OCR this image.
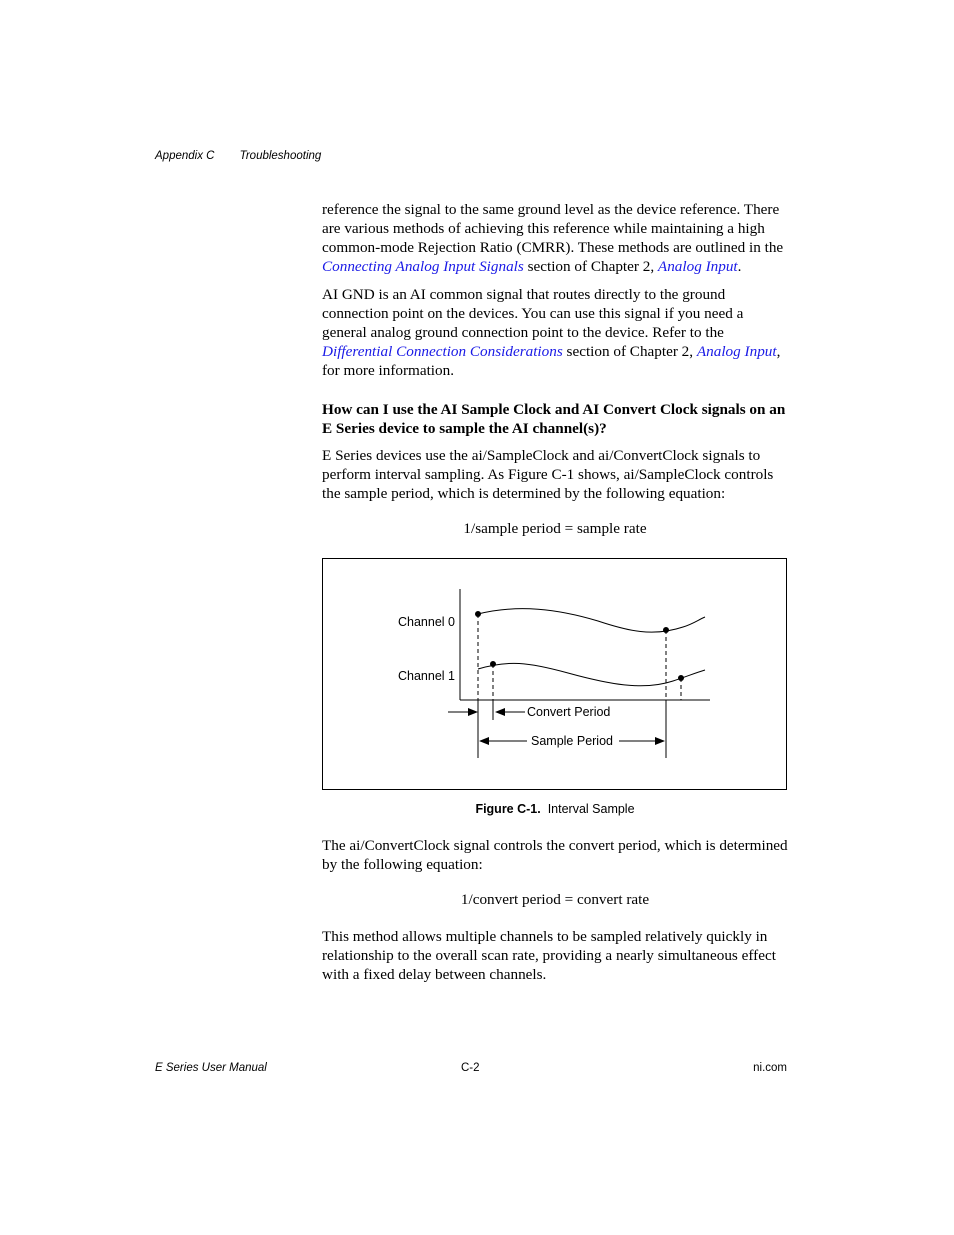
Appendix C Troubleshooting

reference the signal to the same ground level as the device reference. There are various methods of achieving this reference while maintaining a high common-mode Rejection Ratio (CMRR). These methods are outlined in the Connecting Analog Input Signals section of Chapter 2, Analog Input.

AI GND is an AI common signal that routes directly to the ground connection point on the devices. You can use this signal if you need a general analog ground connection point to the device. Refer to the Differential Connection Considerations section of Chapter 2, Analog Input, for more information.

How can I use the AI Sample Clock and AI Convert Clock signals on an E Series device to sample the AI channel(s)?

E Series devices use the ai/SampleClock and ai/ConvertClock signals to perform interval sampling. As Figure C-1 shows, ai/SampleClock controls the sample period, which is determined by the following equation:

1/sample period = sample rate

Channel 0
Channel 1
Convert Period
Sample Period
Figure C-1. Interval Sample

The ai/ConvertClock signal controls the convert period, which is determined by the following equation:

1/convert period = convert rate

This method allows multiple channels to be sampled relatively quickly in relationship to the overall scan rate, providing a nearly simultaneous effect with a fixed delay between channels.

E Series User Manual	C-2	ni.com
